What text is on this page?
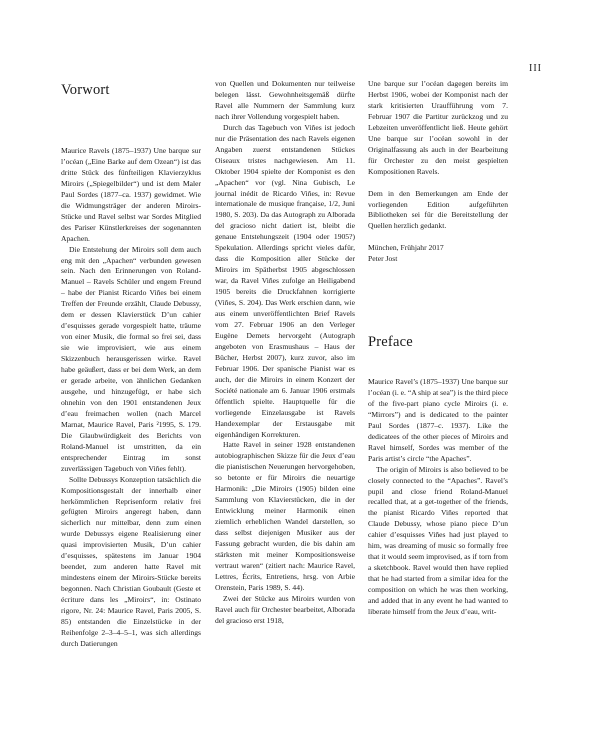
III
Vorwort

Maurice Ravels (1875–1937) Une barque sur l’océan („Eine Barke auf dem Ozean“) ist das dritte Stück des fünfteiligen Klavierzyklus Miroirs („Spiegelbilder“) und ist dem Maler Paul Sordes (1877–ca. 1937) gewidmet. Wie die Widmungsträger der anderen Miroirs-Stücke und Ravel selbst war Sordes Mitglied des Pariser Künstlerkreises der sogenannten Apachen.

Die Entstehung der Miroirs soll dem auch eng mit den „Apachen“ verbunden gewesen sein. Nach den Erinnerungen von Roland-Manuel – Ravels Schüler und engem Freund – habe der Pianist Ricardo Viñes bei einem Treffen der Freunde erzählt, Claude Debussy, dem er dessen Klavierstück D’un cahier d’esquisses gerade vorgespielt hatte, träume von einer Musik, die formal so frei sei, dass sie wie improvisiert, wie aus einem Skizzenbuch herausgerissen wirke. Ravel habe geäußert, dass er bei dem Werk, an dem er gerade arbeite, von ähnlichen Gedanken ausgehe, und hinzugefügt, er habe sich ohnehin von den 1901 entstandenen Jeux d’eau freimachen wollen (nach Marcel Marnat, Maurice Ravel, Paris ²1995, S. 179. Die Glaubwürdigkeit des Berichts von Roland-Manuel ist umstritten, da ein entsprechender Eintrag im sonst zuverlässigen Tagebuch von Viñes fehlt).

Sollte Debussys Konzeption tatsächlich die Kompositionsgestalt der innerhalb einer herkömmlichen Reprisenform relativ frei gefügten Miroirs angeregt haben, dann sicherlich nur mittelbar, denn zum einen wurde Debussys eigene Realisierung einer quasi improvisierten Musik, D’un cahier d’esquisses, spätestens im Januar 1904 beendet, zum anderen hatte Ravel mit mindestens einem der Miroirs-Stücke bereits begonnen. Nach Christian Goubault (Geste et écriture dans les „Miroirs“, in: Ostinato rigore, Nr. 24: Maurice Ravel, Paris 2005, S. 85) entstanden die Einzelstücke in der Reihenfolge 2–3–4–5–1, was sich allerdings durch Datierungen

von Quellen und Dokumenten nur teilweise belegen lässt. Gewohnheitsgemäß dürfte Ravel alle Nummern der Sammlung kurz nach ihrer Vollendung vorgespielt haben.

Durch das Tagebuch von Viñes ist jedoch nur die Präsentation des nach Ravels eigenen Angaben zuerst entstandenen Stückes Oiseaux tristes nachgewiesen. Am 11. Oktober 1904 spielte der Komponist es den „Apachen“ vor (vgl. Nina Gubisch, Le journal inédit de Ricardo Viñes, in: Revue internationale de musique française, 1/2, Juni 1980, S. 203). Da das Autograph zu Alborada del gracioso nicht datiert ist, bleibt die genaue Entstehungszeit (1904 oder 1905?) Spekulation. Allerdings spricht vieles dafür, dass die Komposition aller Stücke der Miroirs im Spätherbst 1905 abgeschlossen war, da Ravel Viñes zufolge an Heiligabend 1905 bereits die Druckfahnen korrigierte (Viñes, S. 204). Das Werk erschien dann, wie aus einem unveröffentlichten Brief Ravels vom 27. Februar 1906 an den Verleger Eugène Demets hervorgeht (Autograph angeboten von Erasmushaus – Haus der Bücher, Herbst 2007), kurz zuvor, also im Februar 1906. Der spanische Pianist war es auch, der die Miroirs in einem Konzert der Société nationale am 6. Januar 1906 erstmals öffentlich spielte. Hauptquelle für die vorliegende Einzelausgabe ist Ravels Handexemplar der Erstausgabe mit eigenhändigen Korrekturen.

Hatte Ravel in seiner 1928 entstandenen autobiographischen Skizze für die Jeux d’eau die pianistischen Neuerungen hervorgehoben, so betonte er für Miroirs die neuartige Harmonik: „Die Miroirs (1905) bilden eine Sammlung von Klavierstücken, die in der Entwicklung meiner Harmonik einen ziemlich erheblichen Wandel darstellen, so dass selbst diejenigen Musiker aus der Fassung gebracht wurden, die bis dahin am stärksten mit meiner Kompositionsweise vertraut waren“ (zitiert nach: Maurice Ravel, Lettres, Écrits, Entretiens, hrsg. von Arbie Orenstein, Paris 1989, S. 44).

Zwei der Stücke aus Miroirs wurden von Ravel auch für Orchester bearbeitet, Alborada del gracioso erst 1918,

Une barque sur l’océan dagegen bereits im Herbst 1906, wobei der Komponist nach der stark kritisierten Uraufführung vom 7. Februar 1907 die Partitur zurückzog und zu Lebzeiten unveröffentlicht ließ. Heute gehört Une barque sur l’océan sowohl in der Originalfassung als auch in der Bearbeitung für Orchester zu den meist gespielten Kompositionen Ravels.

Dem in den Bemerkungen am Ende der vorliegenden Edition aufgeführten Bibliotheken sei für die Bereitstellung der Quellen herzlich gedankt.

München, Frühjahr 2017
Peter Jost

Preface

Maurice Ravel’s (1875–1937) Une barque sur l’océan (i. e. “A ship at sea”) is the third piece of the five-part piano cycle Miroirs (i. e. “Mirrors”) and is dedicated to the painter Paul Sordes (1877–c. 1937). Like the dedicatees of the other pieces of Miroirs and Ravel himself, Sordes was member of the Paris artist’s circle “the Apaches”.

The origin of Miroirs is also believed to be closely connected to the “Apaches”. Ravel’s pupil and close friend Roland-Manuel recalled that, at a get-together of the friends, the pianist Ricardo Viñes reported that Claude Debussy, whose piano piece D’un cahier d’esquisses Viñes had just played to him, was dreaming of music so formally free that it would seem improvised, as if torn from a sketchbook. Ravel would then have replied that he had started from a similar idea for the composition on which he was then working, and added that in any event he had wanted to liberate himself from the Jeux d’eau, writ-
